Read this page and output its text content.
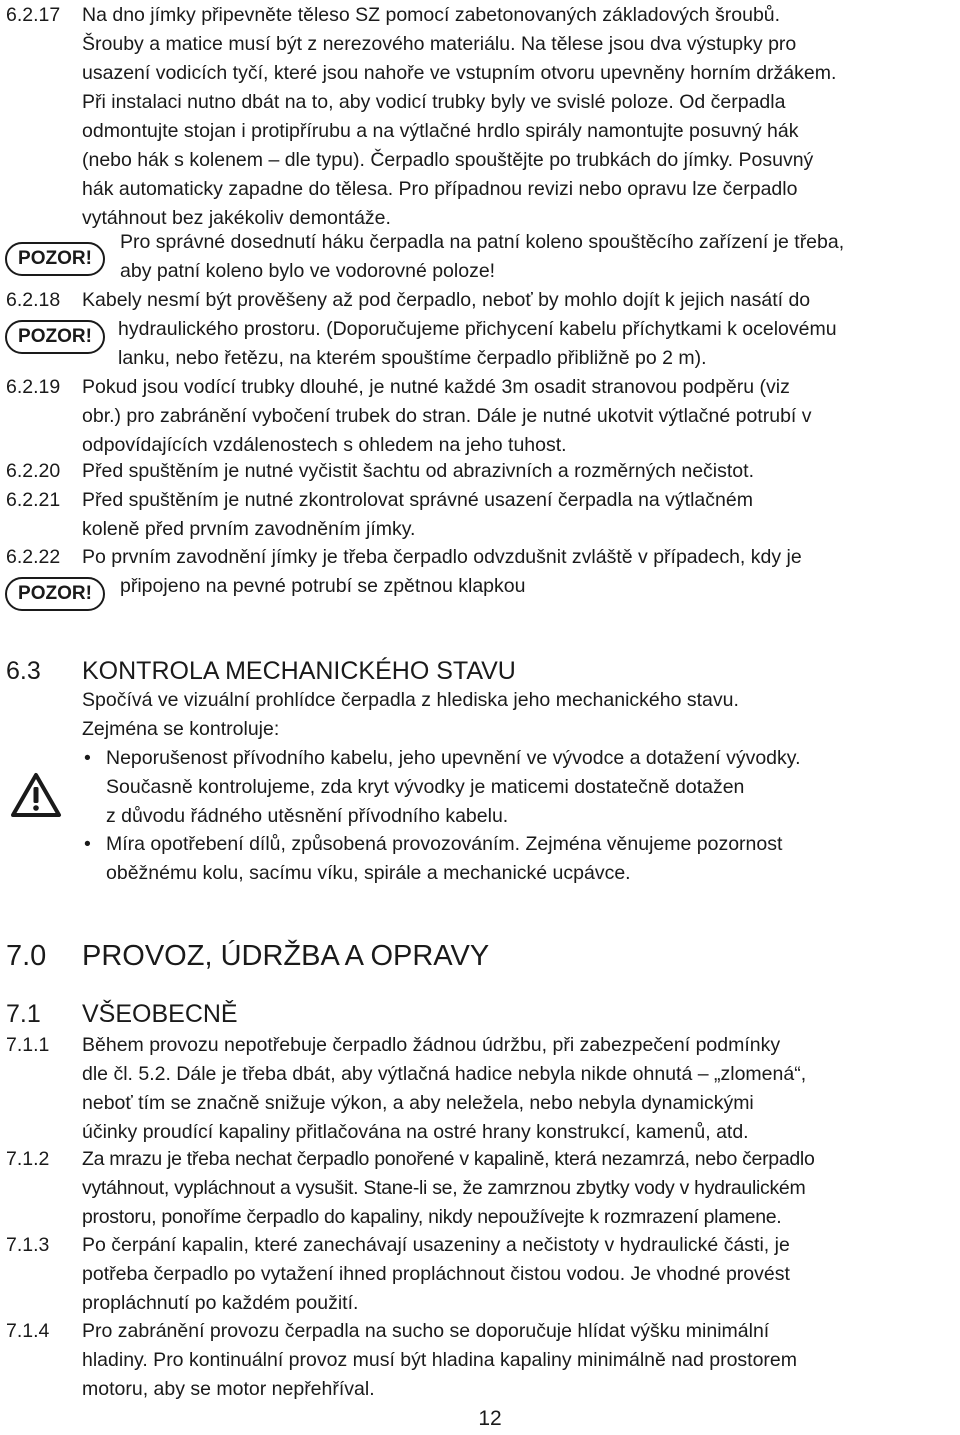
6.2.17 Na dno jímky připevněte těleso SZ pomocí zabetonovaných základových šroubů.
Šrouby a matice musí být z nerezového materiálu. Na tělese jsou dva výstupky pro
usazení vodicích tyčí, které jsou nahoře ve vstupním otvoru upevněny horním držákem.
Při instalaci nutno dbát na to, aby vodicí trubky byly ve svislé poloze. Od čerpadla
odmontujte stojan i protipřírubu a na výtlačné hrdlo spirály namontujte posuvný hák
(nebo hák s kolenem – dle typu). Čerpadlo spouštějte po trubkách do jímky. Posuvný
hák automaticky zapadne do tělesa. Pro případnou revizi nebo opravu lze čerpadlo
vytáhnout bez jakékoliv demontáže.
POZOR!
Pro správné dosednutí háku čerpadla na patní koleno spouštěcího zařízení je třeba,
aby patní koleno bylo ve vodorovné poloze!
6.2.18 Kabely nesmí být prověšeny až pod čerpadlo, neboť by mohlo dojít k jejich nasátí do
hydraulického prostoru. (Doporučujeme přichycení kabelu příchytkami k ocelovému
lanku, nebo řetězu, na kterém spouštíme čerpadlo přibližně po 2 m).
POZOR!
6.2.19 Pokud jsou vodící trubky dlouhé, je nutné každé 3m osadit stranovou podpěru (viz
obr.) pro zabránění vybočení trubek do stran. Dále je nutné ukotvit výtlačné potrubí v
odpovídajících vzdálenostech s ohledem na jeho tuhost.
6.2.20 Před spuštěním je nutné vyčistit šachtu od abrazivních a rozměrných nečistot.
6.2.21 Před spuštěním je nutné zkontrolovat správné usazení čerpadla na výtlačném
koleně před prvním zavodněním jímky.
6.2.22 Po prvním zavodnění jímky je třeba čerpadlo odvzdušnit zvláště v případech, kdy je
připojeno na pevné potrubí se zpětnou klapkou
POZOR!
6.3 KONTROLA MECHANICKÉHO STAVU
Spočívá ve vizuální prohlídce čerpadla z hlediska jeho mechanického stavu.
Zejména se kontroluje:
• Neporušenost přívodního kabelu, jeho upevnění ve vývodce a dotažení vývodky.
Současně kontrolujeme, zda kryt vývodky je maticemi dostatečně dotažen
z důvodu řádného utěsnění přívodního kabelu.
• Míra opotřebení dílů, způsobená provozováním. Zejména věnujeme pozornost
oběžnému kolu, sacímu víku, spirále a mechanické ucpávce.
7.0 PROVOZ, ÚDRŽBA A OPRAVY
7.1 VŠEOBECNĚ
7.1.1 Během provozu nepotřebuje čerpadlo žádnou údržbu, při zabezpečení podmínky
dle čl. 5.2. Dále je třeba dbát, aby výtlačná hadice nebyla nikde ohnutá – „zlomená“,
neboť tím se značně snižuje výkon, a aby neležela, nebo nebyla dynamickými
účinky proudící kapaliny přitlačována na ostré hrany konstrukcí, kamenů, atd.
7.1.2 Za mrazu je třeba nechat čerpadlo ponořené v kapalině, která nezamrzá, nebo čerpadlo
vytáhnout, vypláchnout a vysušit. Stane-li se, že zamrznou zbytky vody v hydraulickém
prostoru, ponoříme čerpadlo do kapaliny, nikdy nepoužívejte k rozmrazení plamene.
7.1.3 Po čerpání kapalin, které zanechávají usazeniny a nečistoty v hydraulické části, je
potřeba čerpadlo po vytažení ihned propláchnout čistou vodou. Je vhodné provést
propláchnutí po každém použití.
7.1.4 Pro zabránění provozu čerpadla na sucho se doporučuje hlídat výšku minimální
hladiny. Pro kontinuální provoz musí být hladina kapaliny minimálně nad prostorem
motoru, aby se motor nepřehříval.
12
